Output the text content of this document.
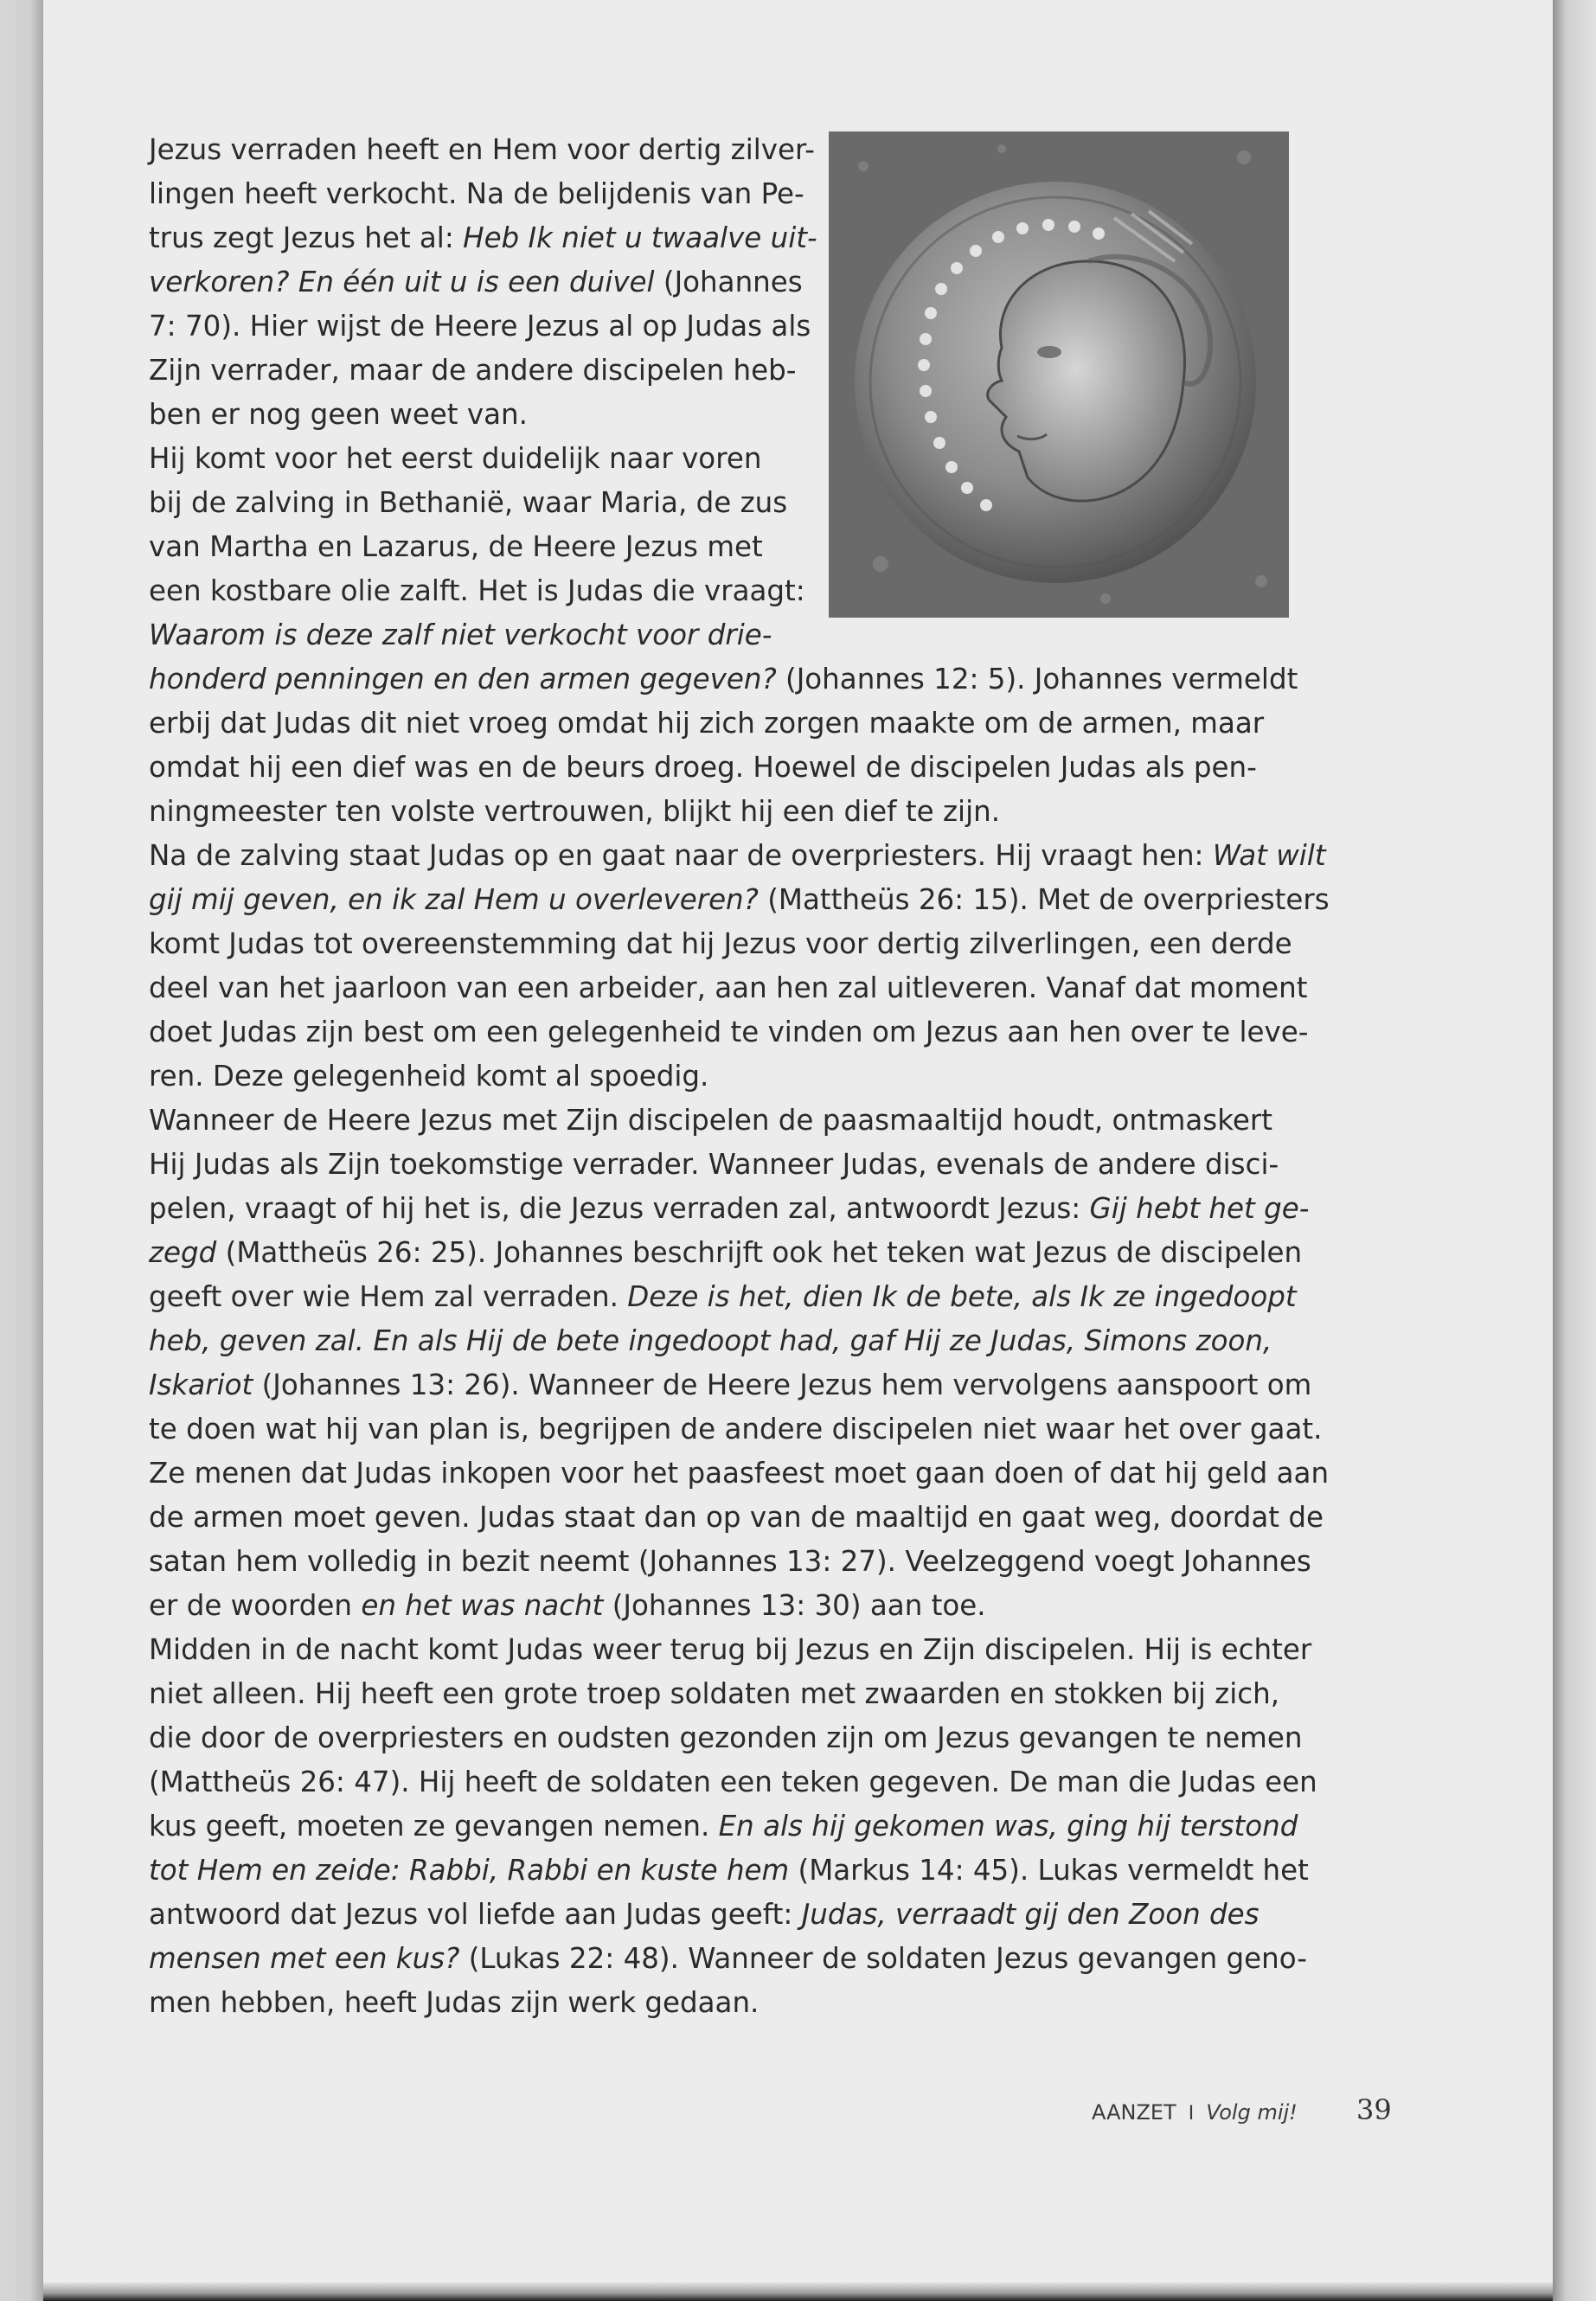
Jezus verraden heeft en Hem voor dertig zilver-
lingen heeft verkocht. Na de belijdenis van Pe-
trus zegt Jezus het al: Heb Ik niet u twaalve uit-
verkoren? En één uit u is een duivel (Johannes
7: 70). Hier wijst de Heere Jezus al op Judas als
Zijn verrader, maar de andere discipelen heb-
ben er nog geen weet van.
Hij komt voor het eerst duidelijk naar voren
bij de zalving in Bethanië, waar Maria, de zus
van Martha en Lazarus, de Heere Jezus met
een kostbare olie zalft. Het is Judas die vraagt:
Waarom is deze zalf niet verkocht voor drie-
honderd penningen en den armen gegeven? (Johannes 12: 5). Johannes vermeldt
erbij dat Judas dit niet vroeg omdat hij zich zorgen maakte om de armen, maar
omdat hij een dief was en de beurs droeg. Hoewel de discipelen Judas als pen-
ningmeester ten volste vertrouwen, blijkt hij een dief te zijn.
Na de zalving staat Judas op en gaat naar de overpriesters. Hij vraagt hen: Wat wilt
gij mij geven, en ik zal Hem u overleveren? (Mattheüs 26: 15). Met de overpriesters
komt Judas tot overeenstemming dat hij Jezus voor dertig zilverlingen, een derde
deel van het jaarloon van een arbeider, aan hen zal uitleveren. Vanaf dat moment
doet Judas zijn best om een gelegenheid te vinden om Jezus aan hen over te leve-
ren. Deze gelegenheid komt al spoedig.
Wanneer de Heere Jezus met Zijn discipelen de paasmaaltijd houdt, ontmaskert
Hij Judas als Zijn toekomstige verrader. Wanneer Judas, evenals de andere disci-
pelen, vraagt of hij het is, die Jezus verraden zal, antwoordt Jezus: Gij hebt het ge-
zegd (Mattheüs 26: 25). Johannes beschrijft ook het teken wat Jezus de discipelen
geeft over wie Hem zal verraden. Deze is het, dien Ik de bete, als Ik ze ingedoopt
heb, geven zal. En als Hij de bete ingedoopt had, gaf Hij ze Judas, Simons zoon,
Iskariot (Johannes 13: 26). Wanneer de Heere Jezus hem vervolgens aanspoort om
te doen wat hij van plan is, begrijpen de andere discipelen niet waar het over gaat.
Ze menen dat Judas inkopen voor het paasfeest moet gaan doen of dat hij geld aan
de armen moet geven. Judas staat dan op van de maaltijd en gaat weg, doordat de
satan hem volledig in bezit neemt (Johannes 13: 27). Veelzeggend voegt Johannes
er de woorden en het was nacht (Johannes 13: 30) aan toe.
Midden in de nacht komt Judas weer terug bij Jezus en Zijn discipelen. Hij is echter
niet alleen. Hij heeft een grote troep soldaten met zwaarden en stokken bij zich,
die door de overpriesters en oudsten gezonden zijn om Jezus gevangen te nemen
(Mattheüs 26: 47). Hij heeft de soldaten een teken gegeven. De man die Judas een
kus geeft, moeten ze gevangen nemen. En als hij gekomen was, ging hij terstond
tot Hem en zeide: Rabbi, Rabbi en kuste hem (Markus 14: 45). Lukas vermeldt het
antwoord dat Jezus vol liefde aan Judas geeft: Judas, verraadt gij den Zoon des
mensen met een kus? (Lukas 22: 48). Wanneer de soldaten Jezus gevangen geno-
men hebben, heeft Judas zijn werk gedaan.
AANZET I Volg mij! 39
